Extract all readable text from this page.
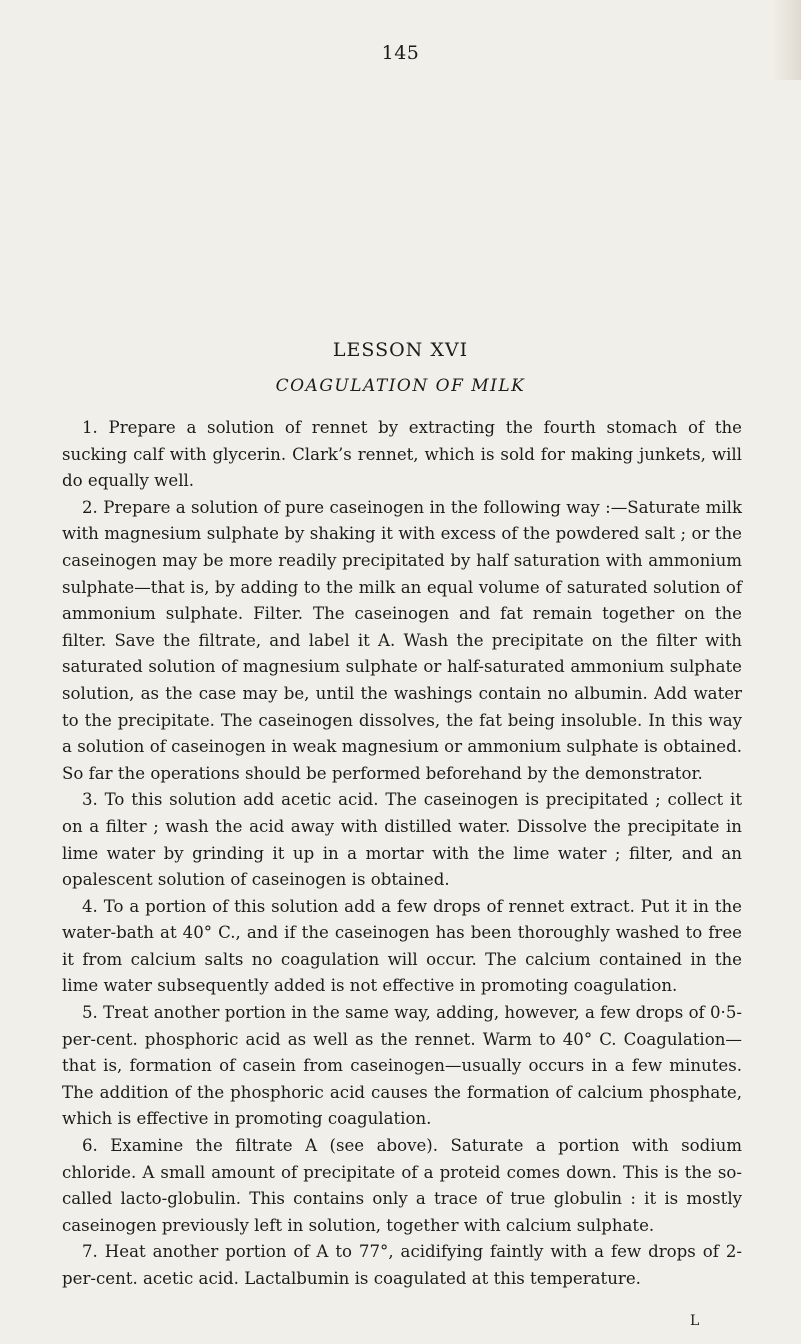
145
LESSON XVI
COAGULATION OF MILK

1. Prepare a solution of rennet by extracting the fourth stomach of the sucking calf with glycerin. Clark’s rennet, which is sold for making junkets, will do equally well.

2. Prepare a solution of pure caseinogen in the following way :—Saturate milk with magnesium sulphate by shaking it with excess of the powdered salt ; or the caseinogen may be more readily precipitated by half saturation with ammonium sulphate—that is, by adding to the milk an equal volume of saturated solution of ammonium sulphate. Filter. The caseinogen and fat remain together on the filter. Save the filtrate, and label it A. Wash the precipitate on the filter with saturated solution of magnesium sulphate or half-saturated ammonium sulphate solution, as the case may be, until the washings contain no albumin. Add water to the precipitate. The caseinogen dissolves, the fat being insoluble. In this way a solution of caseinogen in weak magnesium or ammonium sulphate is obtained. So far the operations should be performed beforehand by the demonstrator.

3. To this solution add acetic acid. The caseinogen is precipitated ; collect it on a filter ; wash the acid away with distilled water. Dissolve the precipitate in lime water by grinding it up in a mortar with the lime water ; filter, and an opalescent solution of caseinogen is obtained.

4. To a portion of this solution add a few drops of rennet extract. Put it in the water-bath at 40° C., and if the caseinogen has been thoroughly washed to free it from calcium salts no coagulation will occur. The calcium contained in the lime water subsequently added is not effective in promoting coagulation.

5. Treat another portion in the same way, adding, however, a few drops of 0·5-per-cent. phosphoric acid as well as the rennet. Warm to 40° C. Coagulation—that is, formation of casein from caseinogen—usually occurs in a few minutes. The addition of the phosphoric acid causes the formation of calcium phosphate, which is effective in promoting coagulation.

6. Examine the filtrate A (see above). Saturate a portion with sodium chloride. A small amount of precipitate of a proteid comes down. This is the so-called lacto-globulin. This contains only a trace of true globulin : it is mostly caseinogen previously left in solution, together with calcium sulphate.

7. Heat another portion of A to 77°, acidifying faintly with a few drops of 2-per-cent. acetic acid. Lactalbumin is coagulated at this temperature.

L
